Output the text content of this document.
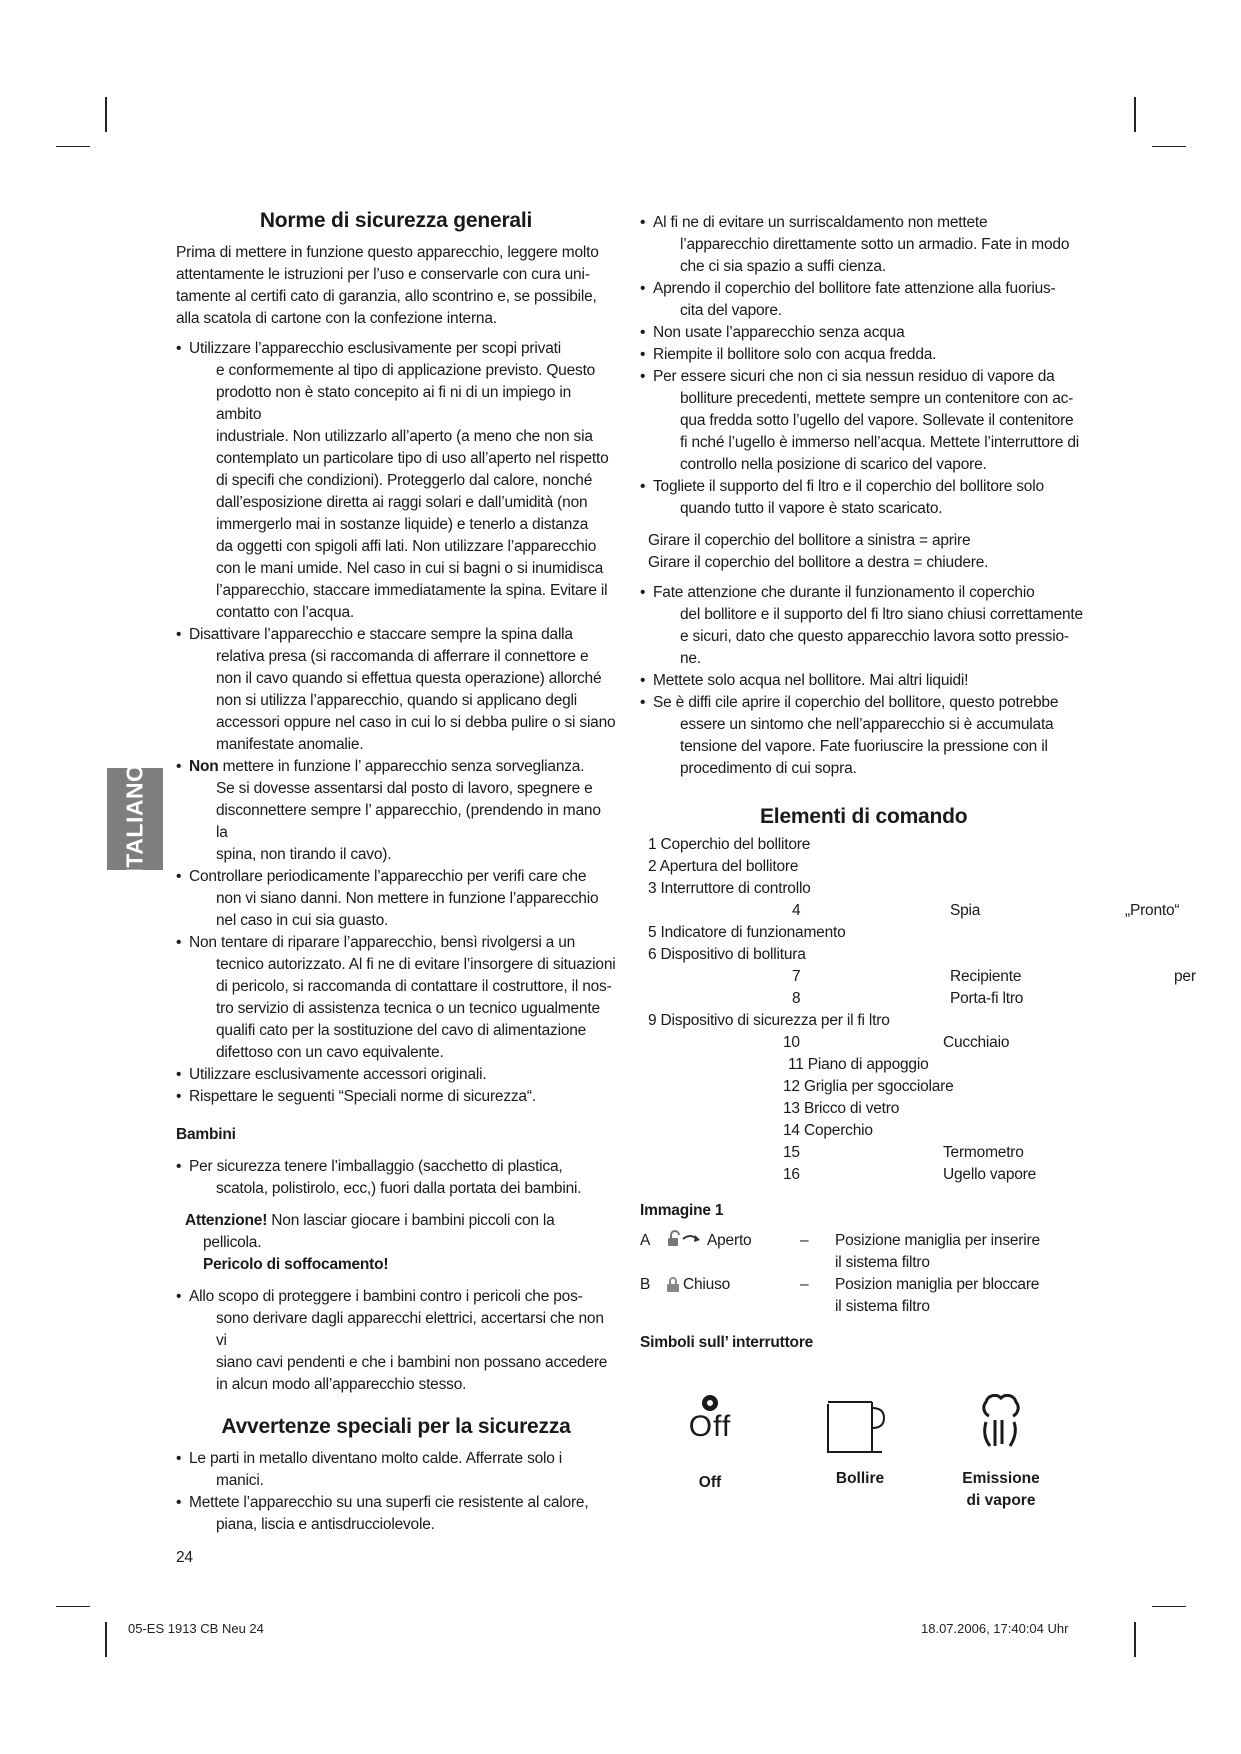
ITALIANO
Norme di sicurezza generali

Prima di mettere in funzione questo apparecchio, leggere molto

attentamente le istruzioni per l’uso e conservarle con cura uni-

tamente al certifi cato di garanzia, allo scontrino e, se possibile,

alla scatola di cartone con la confezione interna.

• Utilizzare l’apparecchio esclusivamente per scopi privati
e conformemente al tipo di applicazione previsto. Questo
prodotto non è stato concepito ai fi ni di un impiego in ambito
industriale. Non utilizzarlo all’aperto (a meno che non sia
contemplato un particolare tipo di uso all’aperto nel rispetto
di specifi che condizioni). Proteggerlo dal calore, nonché
dall’esposizione diretta ai raggi solari e dall’umidità (non
immergerlo mai in sostanze liquide) e tenerlo a distanza
da oggetti con spigoli affi lati. Non utilizzare l’apparecchio
con le mani umide. Nel caso in cui si bagni o si inumidisca
l’apparecchio, staccare immediatamente la spina. Evitare il
contatto con l’acqua.
• Disattivare l’apparecchio e staccare sempre la spina dalla
relativa presa (si raccomanda di afferrare il connettore e
non il cavo quando si effettua questa operazione) allorché
non si utilizza l’apparecchio, quando si applicano degli
accessori oppure nel caso in cui lo si debba pulire o si siano
manifestate anomalie.
• Non mettere in funzione l’ apparecchio senza sorveglianza.
Se si dovesse assentarsi dal posto di lavoro, spegnere e
disconnettere sempre l’ apparecchio, (prendendo in mano la
spina, non tirando il cavo).
• Controllare periodicamente l’apparecchio per verifi care che
non vi siano danni. Non mettere in funzione l’apparecchio
nel caso in cui sia guasto.
• Non tentare di riparare l’apparecchio, bensì rivolgersi a un
tecnico autorizzato. Al fi ne di evitare l’insorgere di situazioni
di pericolo, si raccomanda di contattare il costruttore, il nos-
tro servizio di assistenza tecnica o un tecnico ugualmente
qualifi cato per la sostituzione del cavo di alimentazione
difettoso con un cavo equivalente.
• Utilizzare esclusivamente accessori originali.
• Rispettare le seguenti “Speciali norme di sicurezza“.
Bambini
• Per sicurezza tenere l’imballaggio (sacchetto di plastica,
scatola, polistirolo, ecc,) fuori dalla portata dei bambini.
Attenzione! Non lasciar giocare i bambini piccoli con la
pellicola.
Pericolo di soffocamento!
• Allo scopo di proteggere i bambini contro i pericoli che pos-
sono derivare dagli apparecchi elettrici, accertarsi che non vi
siano cavi pendenti e che i bambini non possano accedere
in alcun modo all’apparecchio stesso.
Avvertenze speciali per la sicurezza
• Le parti in metallo diventano molto calde. Afferrate solo i
manici.
• Mettete l’apparecchio su una superfi cie resistente al calore,
piana, liscia e antisdrucciolevole.
• Al fi ne di evitare un surriscaldamento non mettete
l’apparecchio direttamente sotto un armadio. Fate in modo
che ci sia spazio a suffi cienza.
• Aprendo il coperchio del bollitore fate attenzione alla fuorius-
cita del vapore.
• Non usate l’apparecchio senza acqua
• Riempite il bollitore solo con acqua fredda.
• Per essere sicuri che non ci sia nessun residuo di vapore da
bolliture precedenti, mettete sempre un contenitore con ac-
qua fredda sotto l’ugello del vapore. Sollevate il contenitore
fi nché l’ugello è immerso nell’acqua. Mettete l’interruttore di
controllo nella posizione di scarico del vapore.
• Togliete il supporto del fi ltro e il coperchio del bollitore solo
quando tutto il vapore è stato scaricato.
Girare il coperchio del bollitore a sinistra = aprire
Girare il coperchio del bollitore a destra = chiudere.
• Fate attenzione che durante il funzionamento il coperchio
del bollitore e il supporto del fi ltro siano chiusi correttamente
e sicuri, dato che questo apparecchio lavora sotto pressio-
ne.
• Mettete solo acqua nel bollitore. Mai altri liquidi!
• Se è diffi cile aprire il coperchio del bollitore, questo potrebbe
essere un sintomo che nell’apparecchio si è accumulata
tensione del vapore. Fate fuoriuscire la pressione con il
procedimento di cui sopra.
Elementi di comando
1 Coperchio del bollitore
2 Apertura del bollitore
3 Interruttore di controllo
4	Spia	„Pronto“
5 Indicatore di funzionamento
6 Dispositivo di bollitura
7	Recipiente	per
8	Porta-fi ltro
9 Dispositivo di sicurezza per il fi ltro
10	Cucchiaio
11 Piano di appoggio
12 Griglia per sgocciolare
13 Bricco di vetro
14 Coperchio
15	Termometro
16	Ugello vapore
Immagine 1
A	Aperto	– Posizione maniglia per inserire
il sistema filtro
B Chiuso	– Posizion maniglia per bloccare
il sistema filtro
Simboli sull’ interruttore
Off
Off	Bollire	Emissione
di vapore
24
05-ES 1913 CB Neu 24	18.07.2006, 17:40:04 Uhr
